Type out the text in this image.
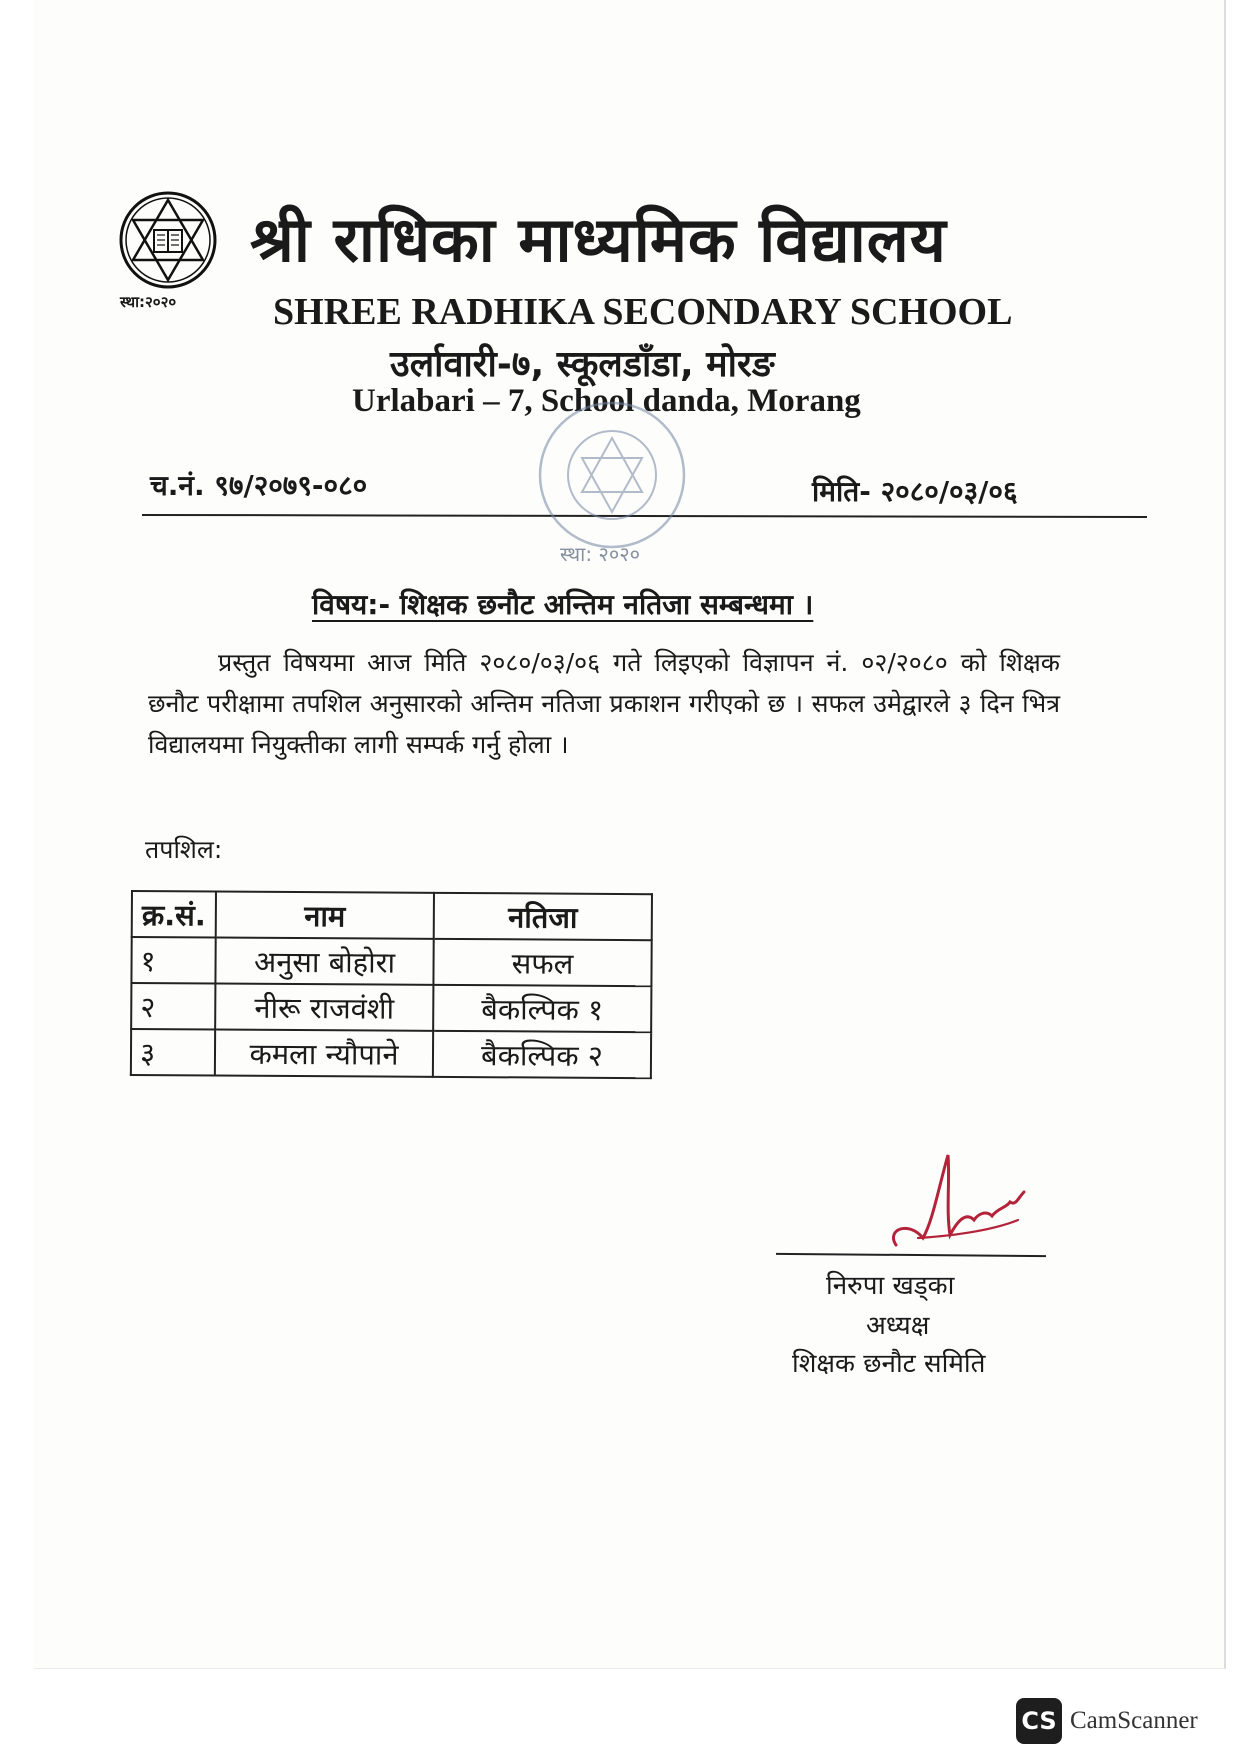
स्था:२०२०
श्री राधिका माध्यमिक विद्यालय
SHREE RADHIKA SECONDARY SCHOOL
उर्लावारी-७, स्कूलडाँडा, मोरङ
Urlabari – 7, School danda, Morang
च.नं. ९७/२०७९-०८०	मिति- २०८०/०३/०६
स्था: २०२०
विषय:- शिक्षक छनौट अन्तिम नतिजा सम्बन्धमा ।
प्रस्तुत विषयमा आज मिति २०८०/०३/०६ गते लिइएको विज्ञापन नं. ०२/२०८० को शिक्षक छनौट परीक्षामा तपशिल अनुसारको अन्तिम नतिजा प्रकाशन गरीएको छ । सफल उमेद्वारले ३ दिन भित्र विद्यालयमा नियुक्तीका लागी सम्पर्क गर्नु होला ।
तपशिल:
क्र.सं.	नाम	नतिजा
१	अनुसा बोहोरा	सफल
२	नीरू राजवंशी	बैकल्पिक १
३	कमला न्यौपाने	बैकल्पिक २
निरुपा खड्का
अध्यक्ष
शिक्षक छनौट समिति
CS CamScanner
